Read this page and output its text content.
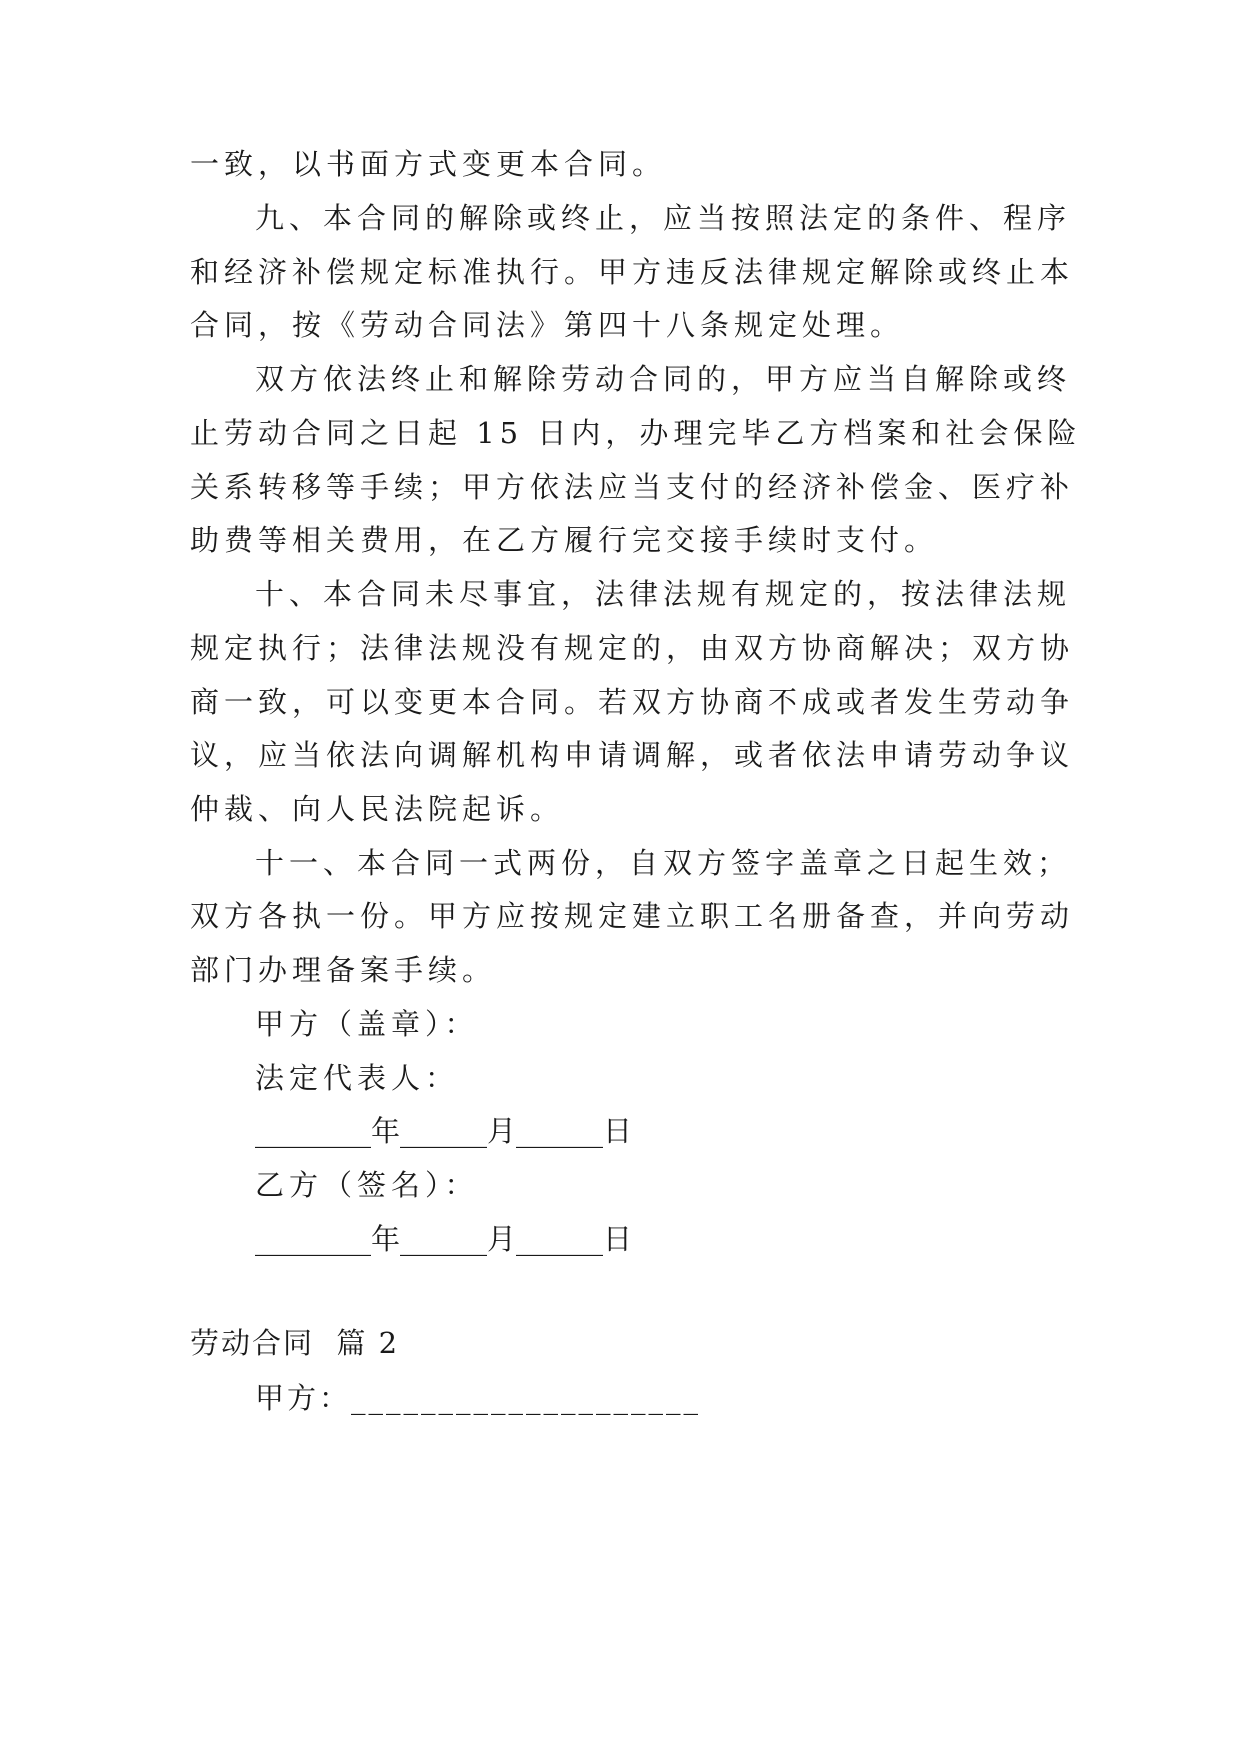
一致，以书面方式变更本合同。
九、本合同的解除或终止，应当按照法定的条件、程序
和经济补偿规定标准执行。甲方违反法律规定解除或终止本
合同，按《劳动合同法》第四十八条规定处理。
双方依法终止和解除劳动合同的，甲方应当自解除或终
止劳动合同之日起 15 日内，办理完毕乙方档案和社会保险
关系转移等手续；甲方依法应当支付的经济补偿金、医疗补
助费等相关费用，在乙方履行完交接手续时支付。
十、本合同未尽事宜，法律法规有规定的，按法律法规
规定执行；法律法规没有规定的，由双方协商解决；双方协
商一致，可以变更本合同。若双方协商不成或者发生劳动争
议，应当依法向调解机构申请调解，或者依法申请劳动争议
仲裁、向人民法院起诉。
十一、本合同一式两份，自双方签字盖章之日起生效；
双方各执一份。甲方应按规定建立职工名册备查，并向劳动
部门办理备案手续。
甲方（盖章）：
法定代表人：
________年______月______日
乙方（签名）：
________年______月______日
劳动合同  篇 2
甲方：____________________
